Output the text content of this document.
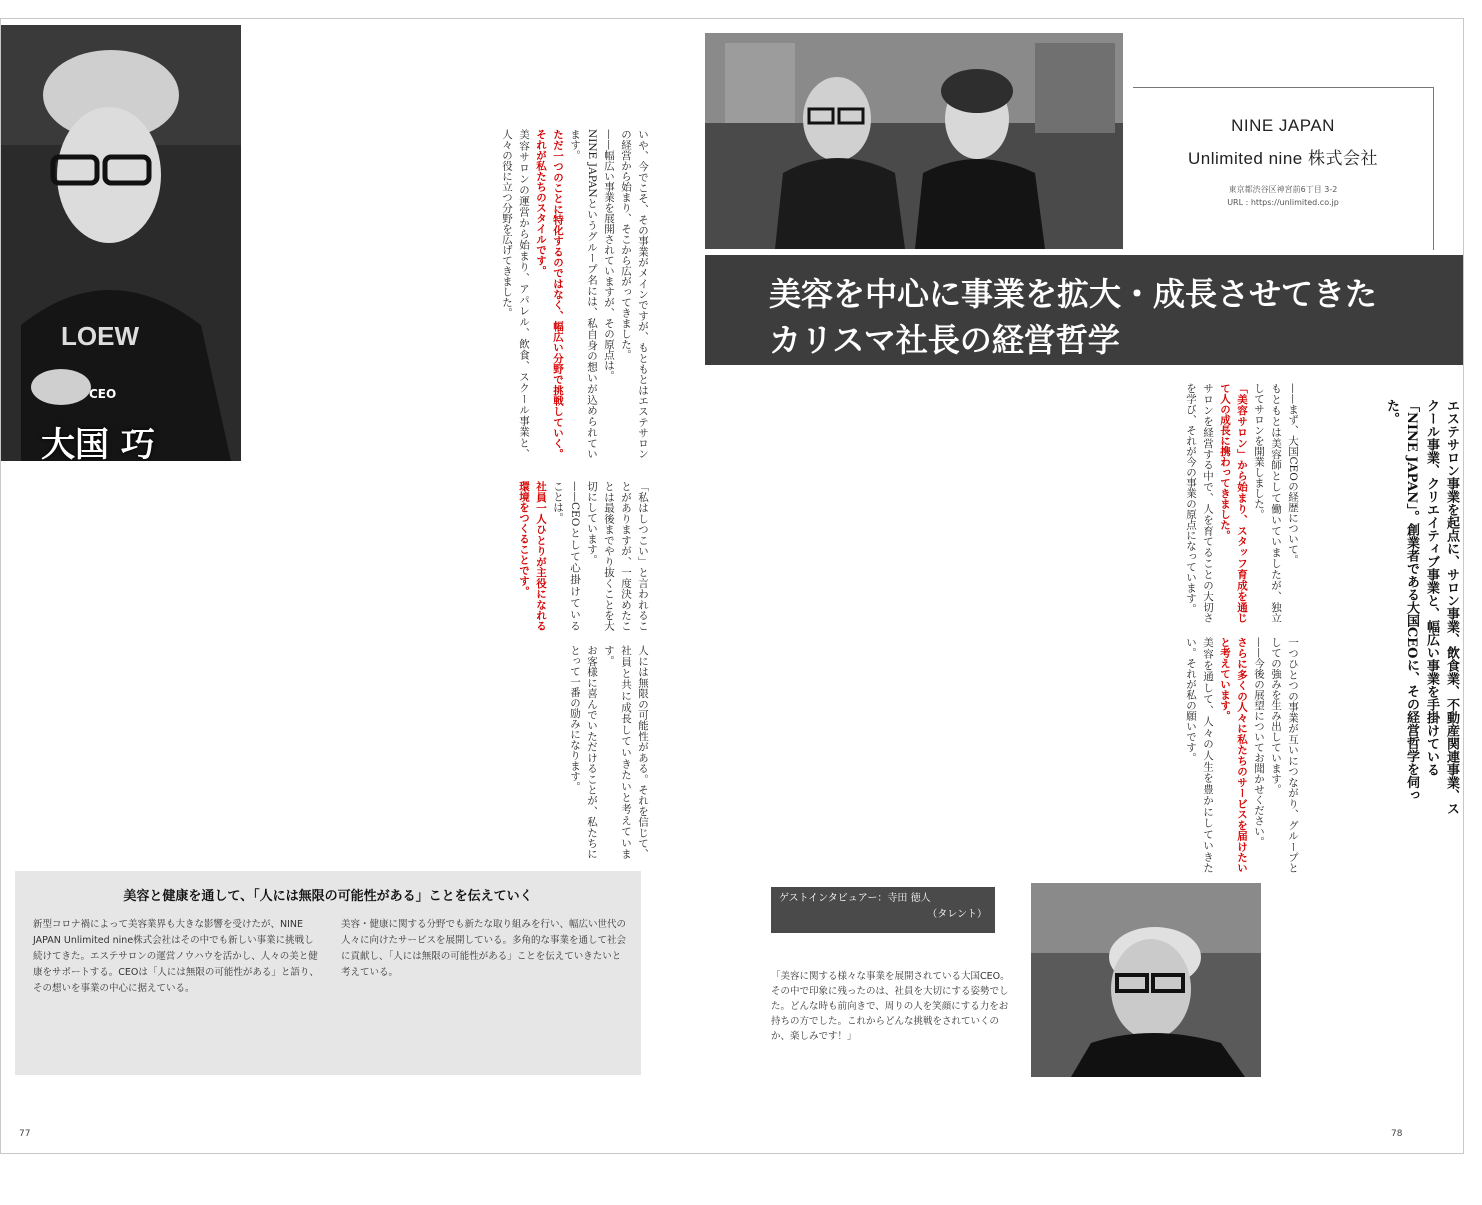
LOEW
CEO
大国 巧	いや、今でこそ、その事業がメインですが、もともとはエステサロンの経営から始まり、そこから広がってきました。
——幅広い事業を展開されていますが、その原点は。
NINE JAPANというグループ名には、私自身の想いが込められています。
ただ一つのことに特化するのではなく、幅広い分野で挑戦していく。それが私たちのスタイルです。
美容サロンの運営から始まり、アパレル、飲食、スクール事業と、人々の役に立つ分野を広げてきました。
「私はしつこい」と言われることがありますが、一度決めたことは最後までやり抜くことを大切にしています。
——CEOとして心掛けていることは。
社員一人ひとりが主役になれる環境をつくることです。
人には無限の可能性がある。それを信じて、社員と共に成長していきたいと考えています。
お客様に喜んでいただけることが、私たちにとって一番の励みになります。
美容と健康を通して、「人には無限の可能性がある」ことを伝えていく
新型コロナ禍によって美容業界も大きな影響を受けたが、NINE JAPAN Unlimited nine株式会社はその中でも新しい事業に挑戦し続けてきた。エステサロンの運営ノウハウを活かし、人々の美と健康をサポートする。CEOは「人には無限の可能性がある」と語り、その想いを事業の中心に据えている。
美容・健康に関する分野でも新たな取り組みを行い、幅広い世代の人々に向けたサービスを展開している。多角的な事業を通して社会に貢献し、「人には無限の可能性がある」ことを伝えていきたいと考えている。
77
NINE JAPAN
Unlimited nine 株式会社
東京都渋谷区神宮前6丁目 3-2
URL : https://unlimited.co.jp
美容を中心に事業を拡大・成長させてきた
カリスマ社長の経営哲学
エステサロン事業を起点に、サロン事業、飲食業、不動産関連事業、スクール事業、クリエイティブ事業と、幅広い事業を手掛けている「NINE JAPAN」。創業者である大国CEOに、その経営哲学を伺った。
——まず、大国CEOの経歴について。
もともとは美容師として働いていましたが、独立してサロンを開業しました。
「美容サロン」から始まり、スタッフ育成を通じて人の成長に携わってきました。
サロンを経営する中で、人を育てることの大切さを学び、それが今の事業の原点になっています。
一つひとつの事業が互いにつながり、グループとしての強みを生み出しています。
——今後の展望についてお聞かせください。
さらに多くの人々に私たちのサービスを届けたいと考えています。
美容を通して、人々の人生を豊かにしていきたい。それが私の願いです。
ゲストインタビュアー：寺田 徳人
（タレント）
「美容に関する様々な事業を展開されている大国CEO。その中で印象に残ったのは、社員を大切にする姿勢でした。どんな時も前向きで、周りの人を笑顔にする力をお持ちの方でした。これからどんな挑戦をされていくのか、楽しみです！」
78
